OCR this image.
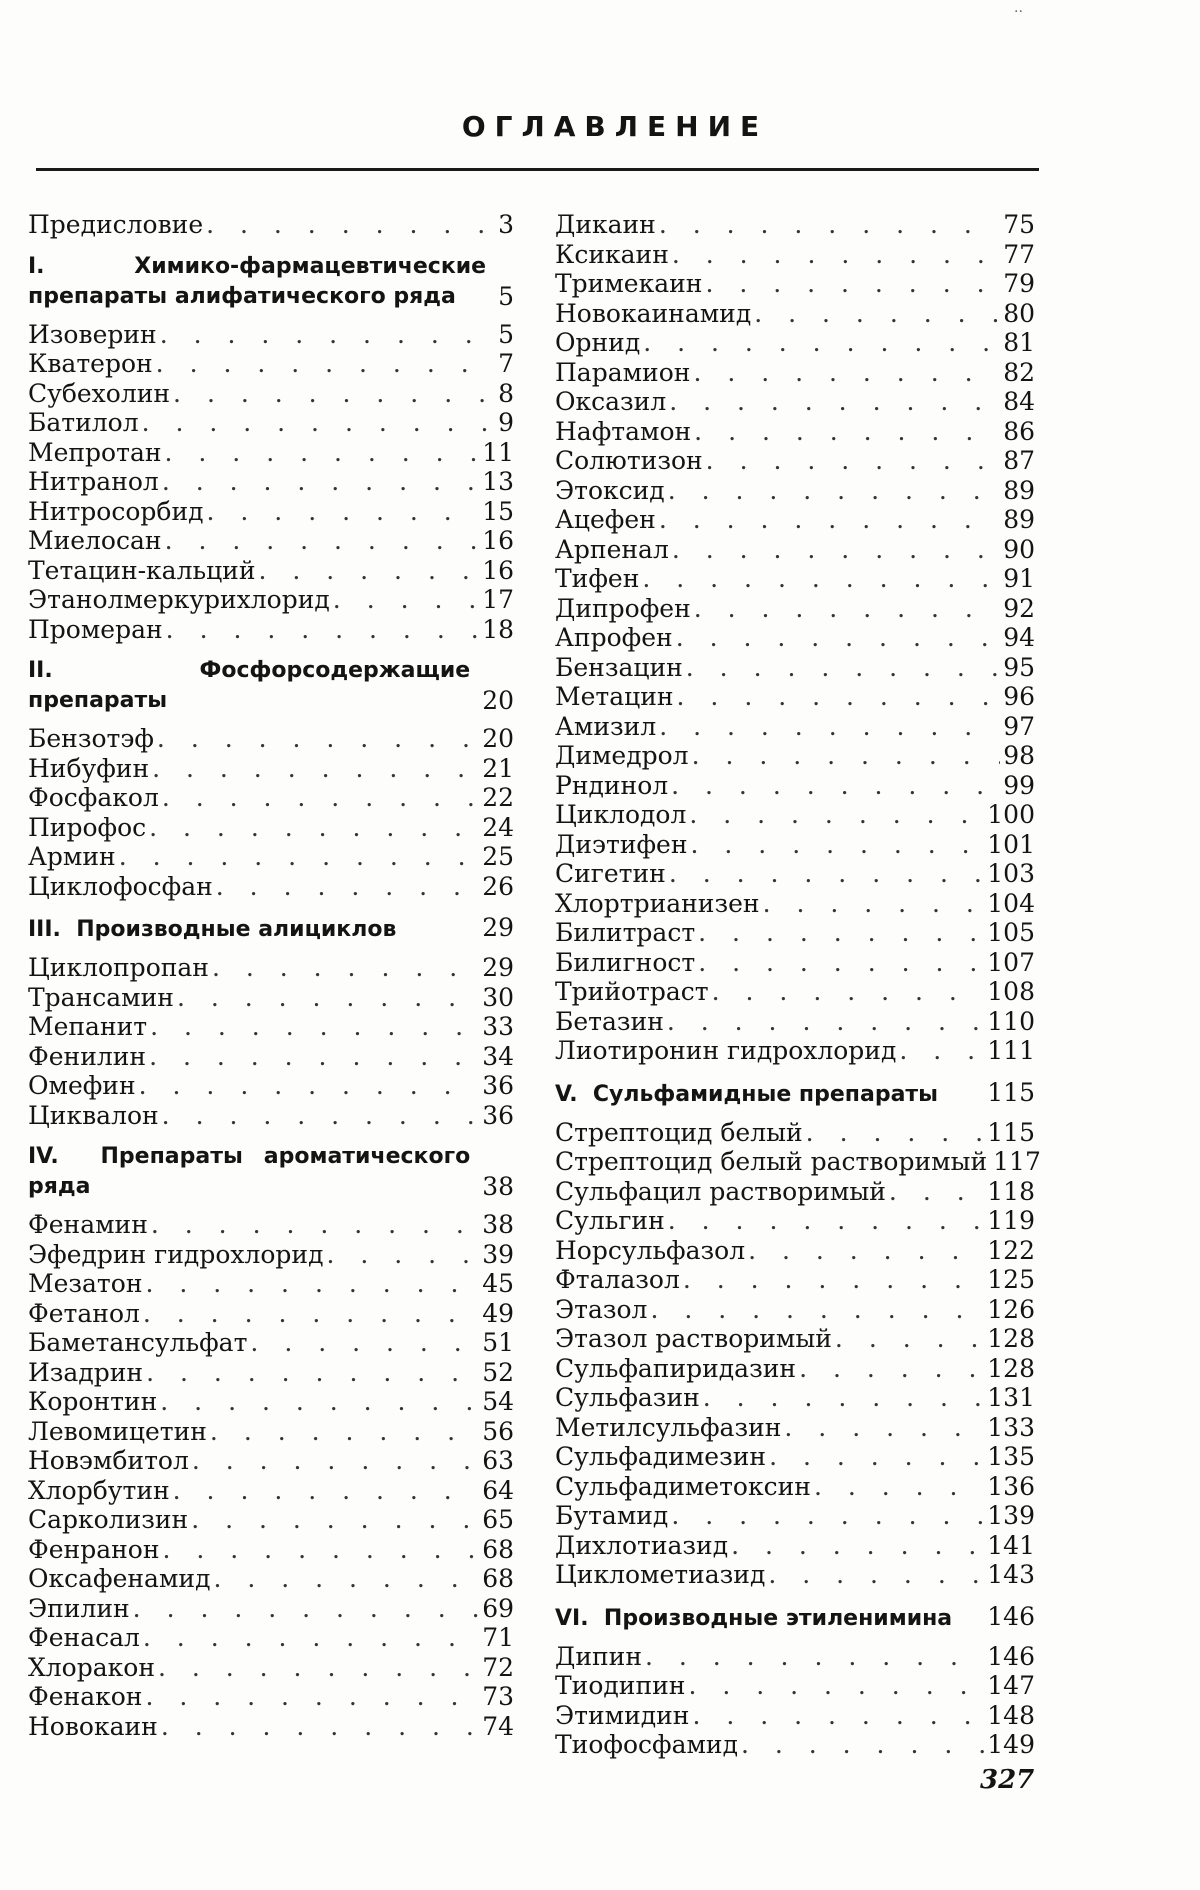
..
ОГЛАВЛЕНИЕ
Предисловие . . .	3
I.	Химико-фармацевтические препараты алифатического ряда	5
Изоверин . . .	5
Кватерон . . .	7
Субехолин . . .	8
Батилол . . .	9
Мепротан . . .	11
Нитранол . . .	13
Нитросорбид . . .	15
Миелосан . . .	16
Тетацин-кальций . . .	16
Этанолмеркурихлорид . . .	17
Промеран . . .	18
II.	Фосфорсодержащие препараты	20
Бензотэф . . .	20
Нибуфин . . .	21
Фосфакол . . .	22
Пирофос . . .	24
Армин . . .	25
Циклофосфан . . .	26
III. Производные алициклов	29
Циклопропан . . .	29
Трансамин . . .	30
Мепанит . . .	33
Фенилин . . .	34
Омефин . . .	36
Циквалон . . .	36
IV. Препараты ароматического ряда	38
Фенамин . . .	38
Эфедрин гидрохлорид . . .	39
Мезатон . . .	45
Фетанол . . .	49
Баметансульфат . . .	51
Изадрин . . .	52
Коронтин . . .	54
Левомицетин . . .	56
Новэмбитол . . .	63
Хлорбутин . . .	64
Сарколизин . . .	65
Фенранон . . .	68
Оксафенамид . . .	68
Эпилин . . .	69
Фенасал . . .	71
Хлоракон . . .	72
Фенакон . . .	73
Новокаин . . .	74
Дикаин . . .	75
Ксикаин . . .	77
Тримекаин . . .	79
Новокаинамид . . .	80
Орнид . . .	81
Парамион . . .	82
Оксазил . . .	84
Нафтамон . . .	86
Солютизон . . .	87
Этоксид . . .	89
Ацефен . . .	89
Арпенал . . .	90
Тифен . . .	91
Дипрофен . . .	92
Апрофен . . .	94
Бензацин . . .	95
Метацин . . .	96
Амизил . . .	97
Димедрол . . .	98
Рндинол . . .	99
Циклодол . . .	100
Диэтифен . . .	101
Сигетин . . .	103
Хлортрианизен . . .	104
Билитраст . . .	105
Билигност . . .	107
Трийотраст . . .	108
Бетазин . . .	110
Лиотиронин гидрохлорид . . .	111
V. Сульфамидные препараты	115
Стрептоцид белый . . .	115
Стрептоцид белый растворимый 117
Сульфацил растворимый . . .	118
Сульгин . . .	119
Норсульфазол . . .	122
Фталазол . . .	125
Этазол . . .	126
Этазол растворимый . . .	128
Сульфапиридазин . . .	128
Сульфазин . . .	131
Метилсульфазин . . .	133
Сульфадимезин . . .	135
Сульфадиметоксин . . .	136
Бутамид . . .	139
Дихлотиазид . . .	141
Циклометиазид . . .	143
VI. Производные этиленимина	146
Дипин . . .	146
Тиодипин . . .	147
Этимидин . . .	148
Тиофосфамид . . .	149
327
